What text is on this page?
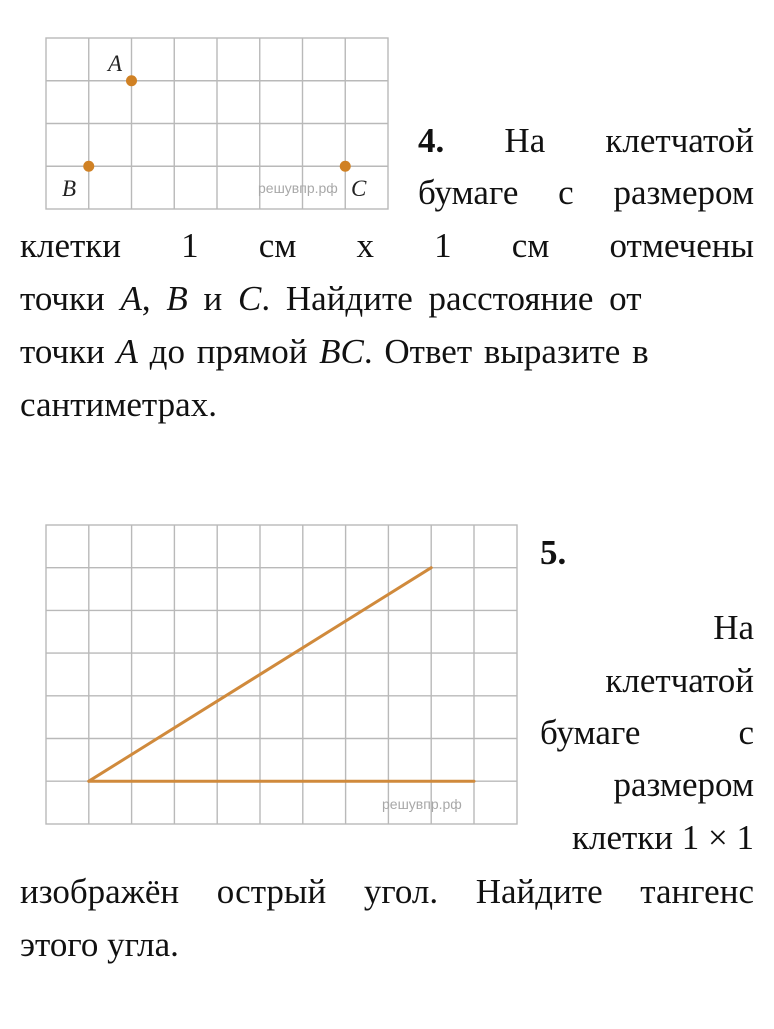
A
B	C
решувпр.рф
4. На клетчатой
бумаге с размером
клетки 1 см x 1 см отмечены
точки A, B и C. Найдите расстояние от
точки A до прямой BC. Ответ выразите в
сантиметрах.
решувпр.рф
5.
На
клетчатой
бумаге	с
размером
клетки 1 × 1
изображён острый угол. Найдите тангенс
этого угла.
